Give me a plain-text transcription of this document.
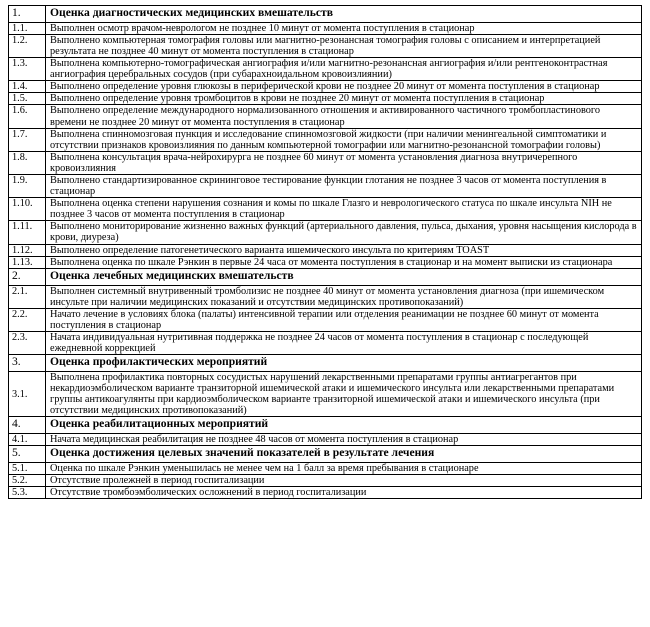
1.	Оценка диагностических медицинских вмешательств
1.1.	Выполнен осмотр врачом-неврологом не позднее 10 минут от момента поступления в стационар
1.2.	Выполнено компьютерная томография головы или магнитно-резонансная томография головы с описанием и интерпретацией результата не позднее 40 минут от момента поступления в стационар
1.3.	Выполнена компьютерно-томографическая ангиография и/или магнитно-резонансная ангиография и/или рентгеноконтрастная ангиография церебральных сосудов (при субарахноидальном кровоизлиянии)
1.4.	Выполнено определение уровня глюкозы в периферической крови не позднее 20 минут от момента поступления в стационар
1.5.	Выполнено определение уровня тромбоцитов в крови не позднее 20 минут от момента поступления в стационар
1.6.	Выполнено определение международного нормализованного отношения и активированного частичного тромбопластинового времени не позднее 20 минут от момента поступления в стационар
1.7.	Выполнена спинномозговая пункция и исследование спинномозговой жидкости (при наличии менингеальной симптоматики и отсутствии признаков кровоизлияния по данным компьютерной томографии или магнитно-резонансной томографии головы)
1.8.	Выполнена консультация врача-нейрохирурга не позднее 60 минут от момента установления диагноза внутричерепного кровоизлияния
1.9.	Выполнено стандартизированное скрининговое тестирование функции глотания не позднее 3 часов от момента поступления в стационар
1.10.	Выполнена оценка степени нарушения сознания и комы по шкале Глазго и неврологического статуса по шкале инсульта NIH не позднее 3 часов от момента поступления в стационар
1.11.	Выполнено мониторирование жизненно важных функций (артериального давления, пульса, дыхания, уровня насыщения кислорода в крови, диуреза)
1.12.	Выполнено определение патогенетического варианта ишемического инсульта по критериям TOAST
1.13.	Выполнена оценка по шкале Рэнкин в первые 24 часа от момента поступления в стационар и на момент выписки из стационара
2.	Оценка лечебных медицинских вмешательств
2.1.	Выполнен системный внутривенный тромболизис не позднее 40 минут от момента установления диагноза (при ишемическом инсульте при наличии медицинских показаний и отсутствии медицинских противопоказаний)
2.2.	Начато лечение в условиях блока (палаты) интенсивной терапии или отделения реанимации не позднее 60 минут от момента поступления в стационар
2.3.	Начата индивидуальная нутритивная поддержка не позднее 24 часов от момента поступления в стационар с последующей ежедневной коррекцией
3.	Оценка профилактических мероприятий
3.1.	Выполнена профилактика повторных сосудистых нарушений лекарственными препаратами группы антиагрегантов при некардиоэмболическом варианте транзиторной ишемической атаки и ишемического инсульта или лекарственными препаратами группы антикоагулянты при кардиоэмболическом варианте транзиторной ишемической атаки и ишемического инсульта (при отсутствии медицинских противопоказаний)
4.	Оценка реабилитационных мероприятий
4.1.	Начата медицинская реабилитация не позднее 48 часов от момента поступления в стационар
5.	Оценка достижения целевых значений показателей в результате лечения
5.1.	Оценка по шкале Рэнкин уменьшилась не менее чем на 1 балл за время пребывания в стационаре
5.2.	Отсутствие пролежней в период госпитализации
5.3.	Отсутствие тромбоэмболических осложнений в период госпитализации
